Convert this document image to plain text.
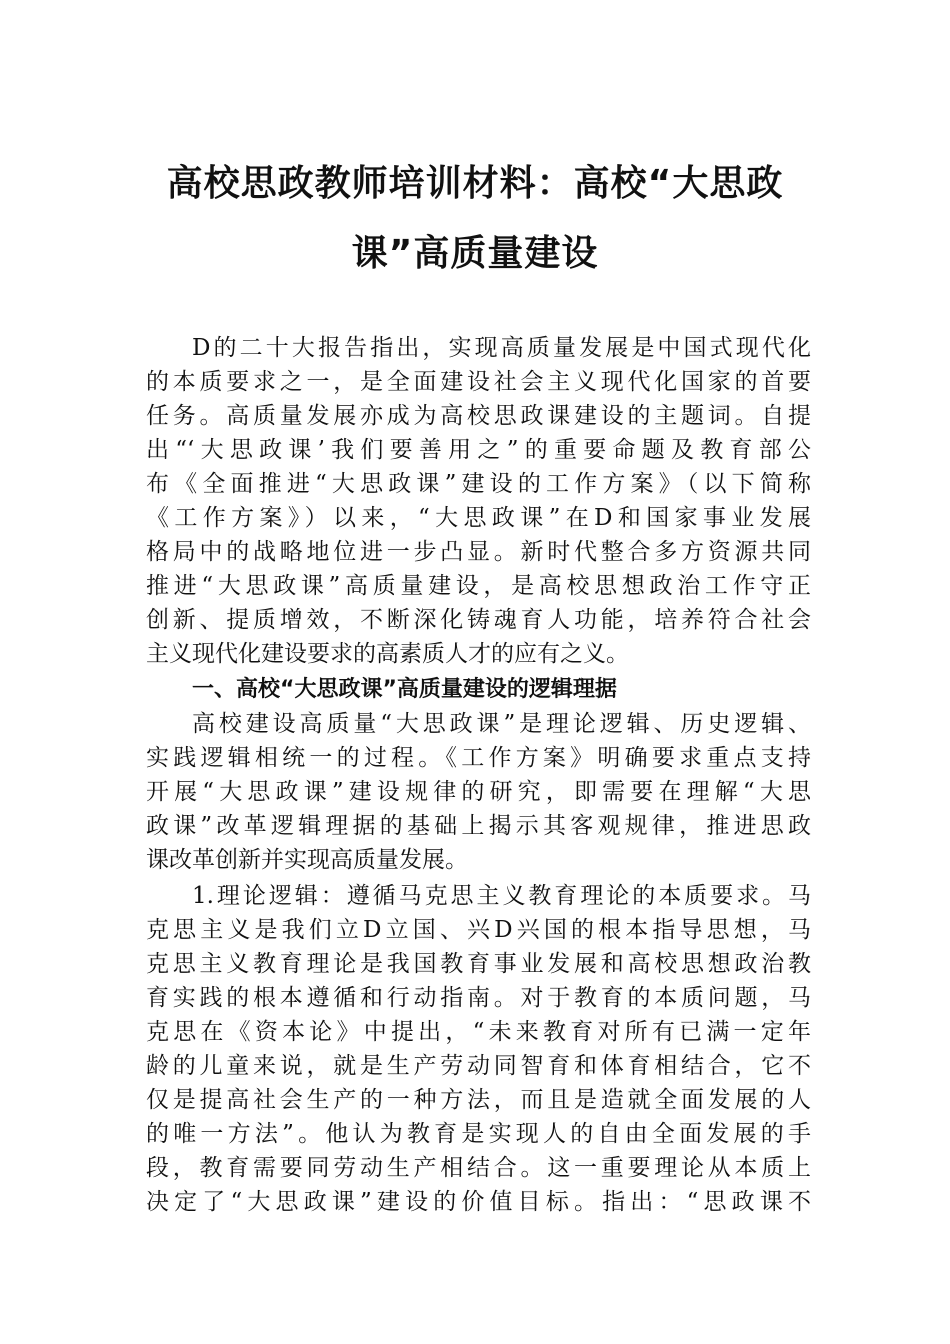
高校思政教师培训材料：高校“大思政
课”高质量建设
D的二十大报告指出，实现高质量发展是中国式现代化
的本质要求之一，是全面建设社会主义现代化国家的首要
任务。高质量发展亦成为高校思政课建设的主题词。自提
出“‘大思政课’我们要善用之”的重要命题及教育部公
布《全面推进“大思政课”建设的工作方案》（以下简称
《工作方案》）以来，“大思政课”在D和国家事业发展
格局中的战略地位进一步凸显。新时代整合多方资源共同
推进“大思政课”高质量建设，是高校思想政治工作守正
创新、提质增效，不断深化铸魂育人功能，培养符合社会
主义现代化建设要求的高素质人才的应有之义。
一、高校“大思政课”高质量建设的逻辑理据
高校建设高质量“大思政课”是理论逻辑、历史逻辑、
实践逻辑相统一的过程。《工作方案》明确要求重点支持
开展“大思政课”建设规律的研究，即需要在理解“大思
政课”改革逻辑理据的基础上揭示其客观规律，推进思政
课改革创新并实现高质量发展。
1.理论逻辑：遵循马克思主义教育理论的本质要求。马
克思主义是我们立D立国、兴D兴国的根本指导思想，马
克思主义教育理论是我国教育事业发展和高校思想政治教
育实践的根本遵循和行动指南。对于教育的本质问题，马
克思在《资本论》中提出，“未来教育对所有已满一定年
龄的儿童来说，就是生产劳动同智育和体育相结合，它不
仅是提高社会生产的一种方法，而且是造就全面发展的人
的唯一方法”。他认为教育是实现人的自由全面发展的手
段，教育需要同劳动生产相结合。这一重要理论从本质上
决定了“大思政课”建设的价值目标。指出：“思政课不
